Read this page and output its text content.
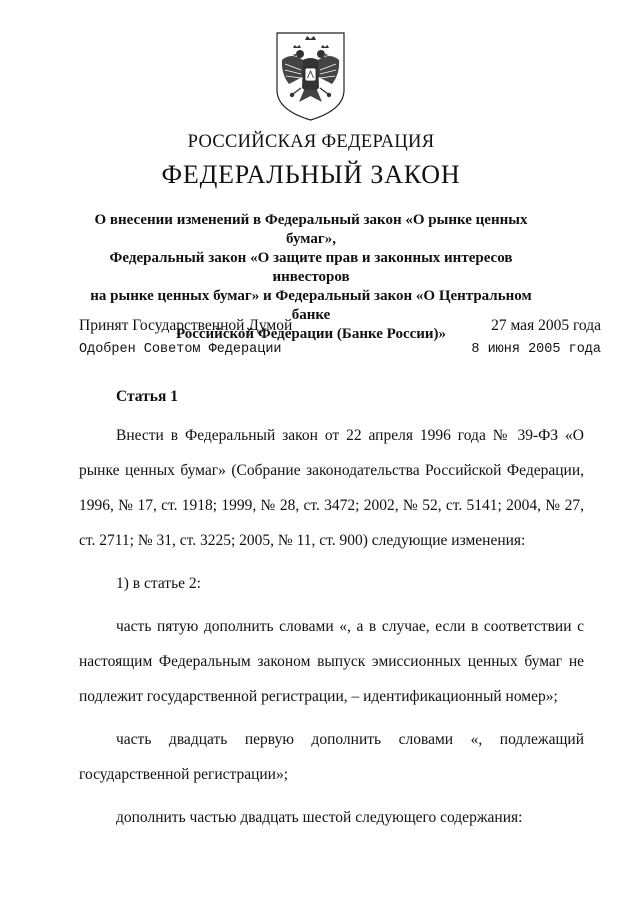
РОССИЙСКАЯ ФЕДЕРАЦИЯ
ФЕДЕРАЛЬНЫЙ ЗАКОН
О внесении изменений в Федеральный закон «О рынке ценных бумаг»,
Федеральный закон «О защите прав и законных интересов инвесторов
на рынке ценных бумаг» и Федеральный закон «О Центральном банке
Российской Федерации (Банке России)»
Принят Государственной Думой	27 мая 2005 года
Одобрен Советом Федерации	8 июня 2005 года
Статья 1

Внести в Федеральный закон от 22 апреля 1996 года № 39-ФЗ «О рынке ценных бумаг» (Собрание законодательства Российской Федерации, 1996, № 17, ст. 1918; 1999, № 28, ст. 3472; 2002, № 52, ст. 5141; 2004, № 27, ст. 2711; № 31, ст. 3225; 2005, № 11, ст. 900) следующие изменения:

1) в статье 2:

часть пятую дополнить словами «, а в случае, если в соответствии с настоящим Федеральным законом выпуск эмиссионных ценных бумаг не подлежит государственной регистрации, – идентификационный номер»;

часть двадцать первую дополнить словами «, подлежащий государственной регистрации»;

дополнить частью двадцать шестой следующего содержания:
